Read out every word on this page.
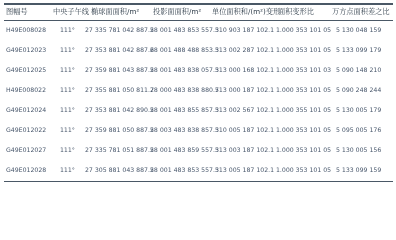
图幅号	中央子午线 椭球面面积/m² 投影面面积/m² 单位面积和/(m²)变形
面积变形比	万方点面积差之比
H49E008028 111° 27 335 781 042 887.5
28 001 483 853 557.3
510 903 187 102.1 1.000 353 101 05 5 130 048 159
G49E012023 111° 27 353 881 042 887.6
28 001 488 488 853.3
513 002 287 102.1 1.000 353 101 05 5 133 099 179
G49E012025 111° 27 359 881 043 887.5
28 001 483 838 057.3
513 000 168 102.1 1.000 353 101 03 5 090 148 210
H49E008022 111° 27 355 881 050 811.7
28 000 483 838 880.7
513 000 187 102.1 1.000 353 101 05 5 090 248 244
G49E012024 111° 27 353 881 042 890.5
28 001 483 855 857.3
513 002 567 102.1 1.000 355 101 05 5 130 005 179
G49E012022 111° 27 359 881 050 887.5
28 003 483 838 857.3
510 005 187 102.1 1.000 353 101 05 5 095 005 176
G49E012027 111° 27 335 781 051 887.5
28 001 483 859 557.3
513 003 187 102.1 1.000 353 101 05 5 130 005 156
G49E012028 111° 27 305 881 043 887.5
28 001 483 853 557.3
513 005 187 102.1 1.000 353 101 05 5 133 099 159
